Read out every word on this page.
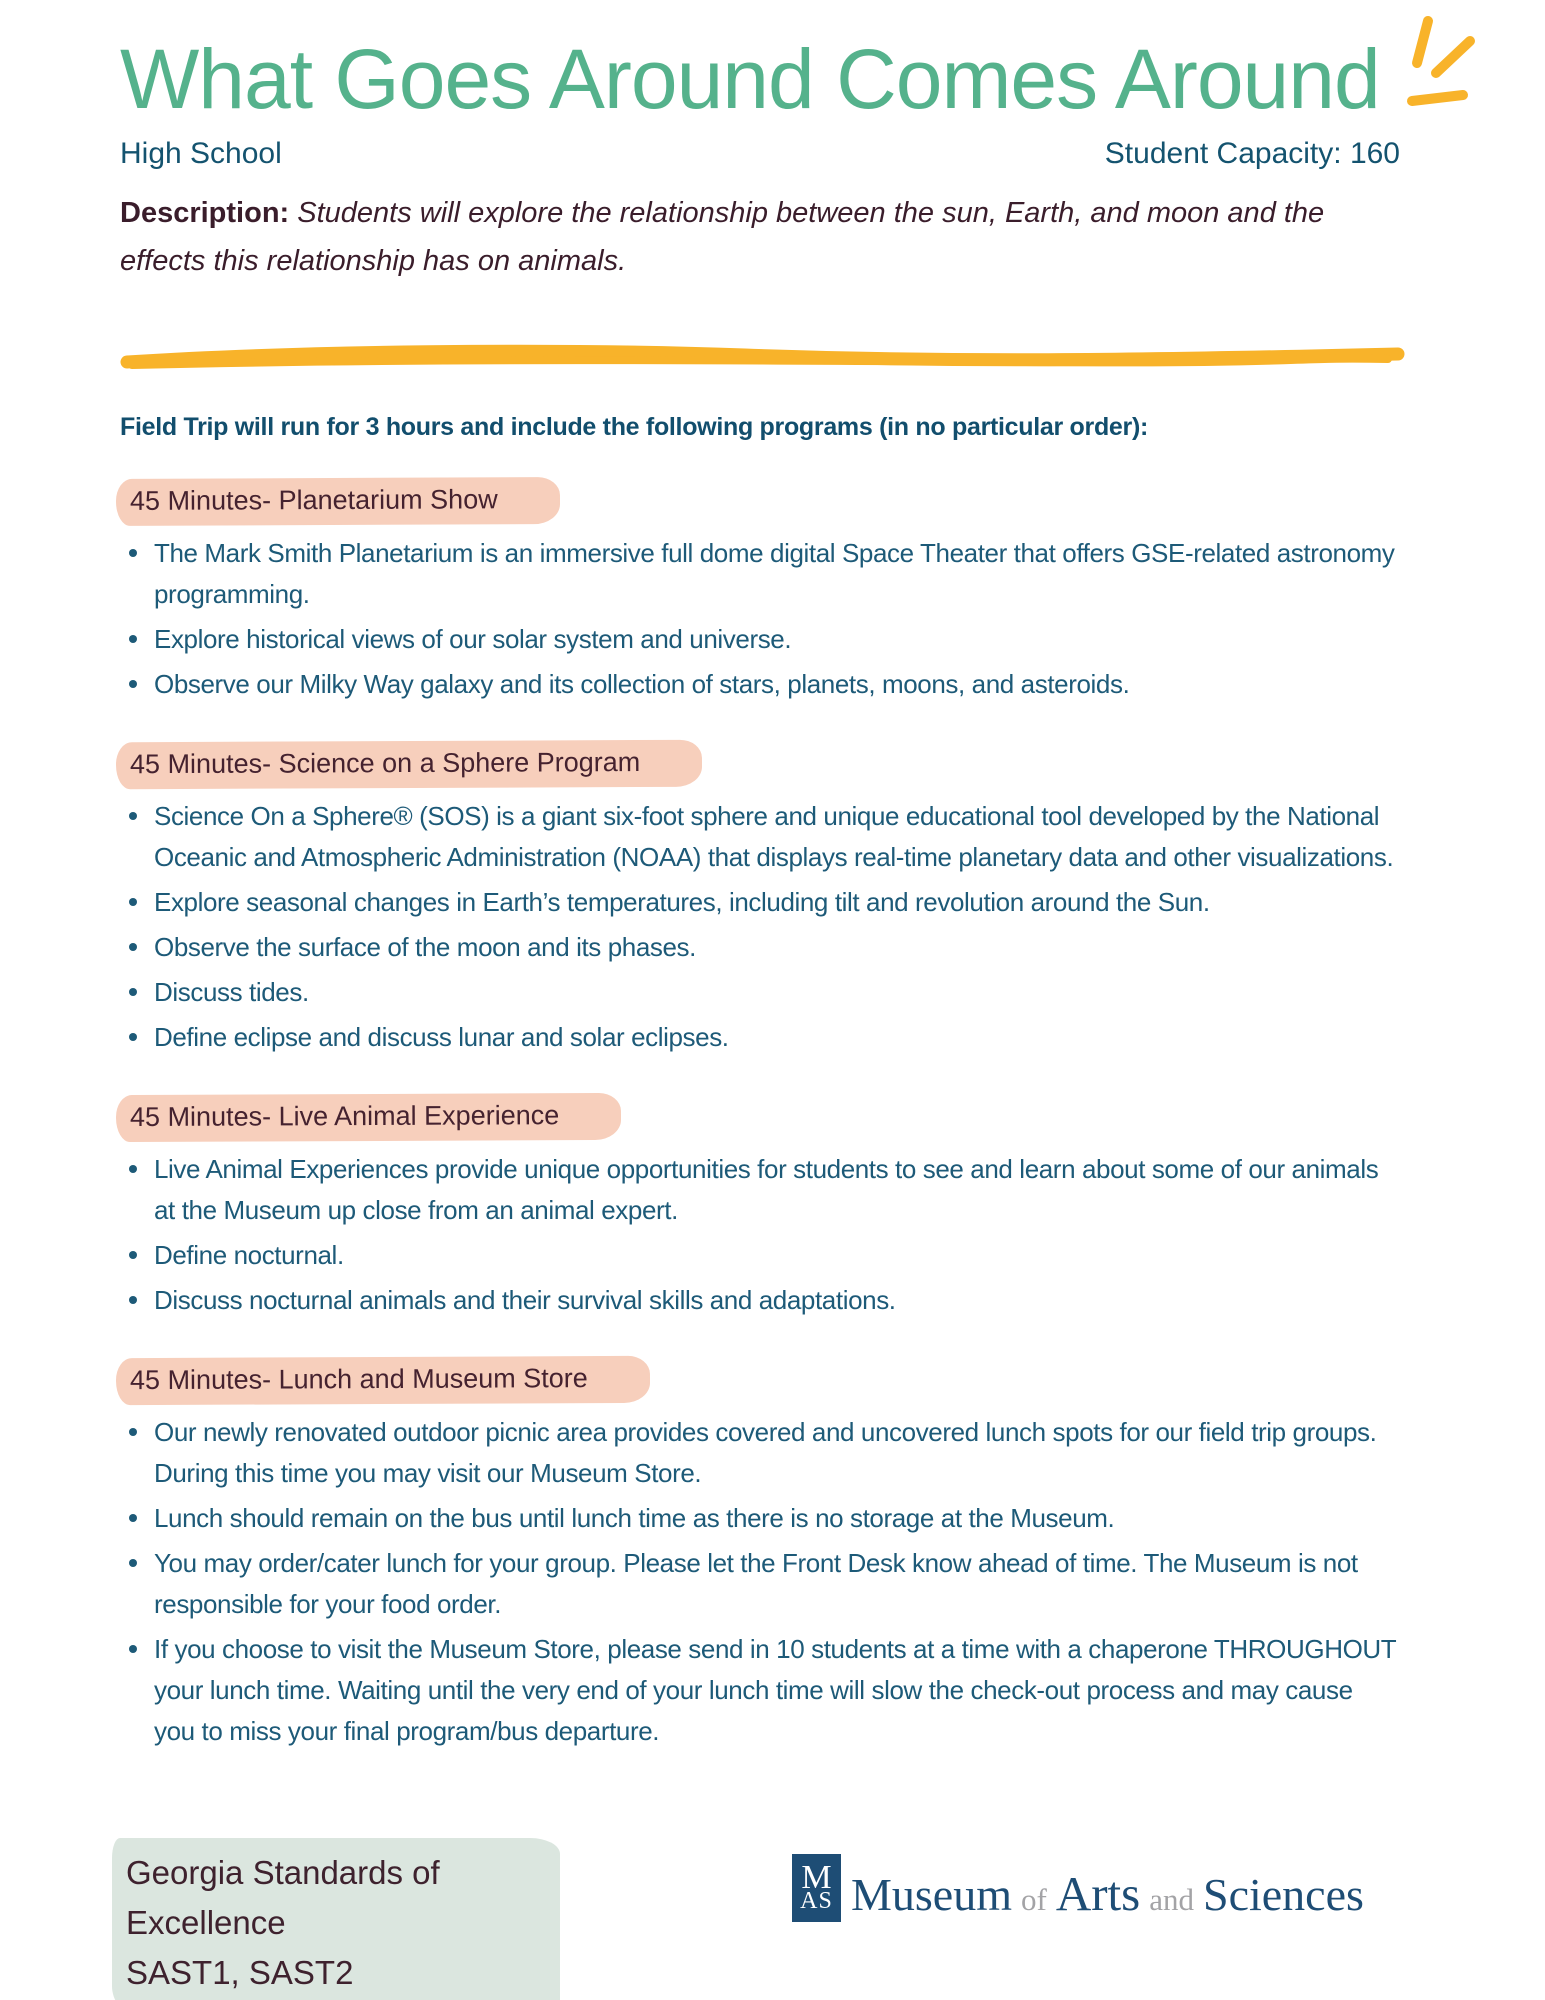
What Goes Around Comes Around
High School	Student Capacity: 160
Description: Students will explore the relationship between the sun, Earth, and moon and the effects this relationship has on animals.
Field Trip will run for 3 hours and include the following programs (in no particular order):
45 Minutes- Planetarium Show
The Mark Smith Planetarium is an immersive full dome digital Space Theater that offers GSE-related astronomy programming.
Explore historical views of our solar system and universe.
Observe our Milky Way galaxy and its collection of stars, planets, moons, and asteroids.
45 Minutes- Science on a Sphere Program
Science On a Sphere® (SOS) is a giant six-foot sphere and unique educational tool developed by the National Oceanic and Atmospheric Administration (NOAA) that displays real-time planetary data and other visualizations.
Explore seasonal changes in Earth’s temperatures, including tilt and revolution around the Sun.
Observe the surface of the moon and its phases.
Discuss tides.
Define eclipse and discuss lunar and solar eclipses.
45 Minutes- Live Animal Experience
Live Animal Experiences provide unique opportunities for students to see and learn about some of our animals at the Museum up close from an animal expert.
Define nocturnal.
Discuss nocturnal animals and their survival skills and adaptations.
45 Minutes- Lunch and Museum Store
Our newly renovated outdoor picnic area provides covered and uncovered lunch spots for our field trip groups. During this time you may visit our Museum Store.
Lunch should remain on the bus until lunch time as there is no storage at the Museum.
You may order/cater lunch for your group. Please let the Front Desk know ahead of time. The Museum is not responsible for your food order.
If you choose to visit the Museum Store, please send in 10 students at a time with a chaperone THROUGHOUT your lunch time. Waiting until the very end of your lunch time will slow the check-out process and may cause you to miss your final program/bus departure.
Georgia Standards of Excellence
SAST1, SAST2
M
AS Museum of Arts and Sciences
